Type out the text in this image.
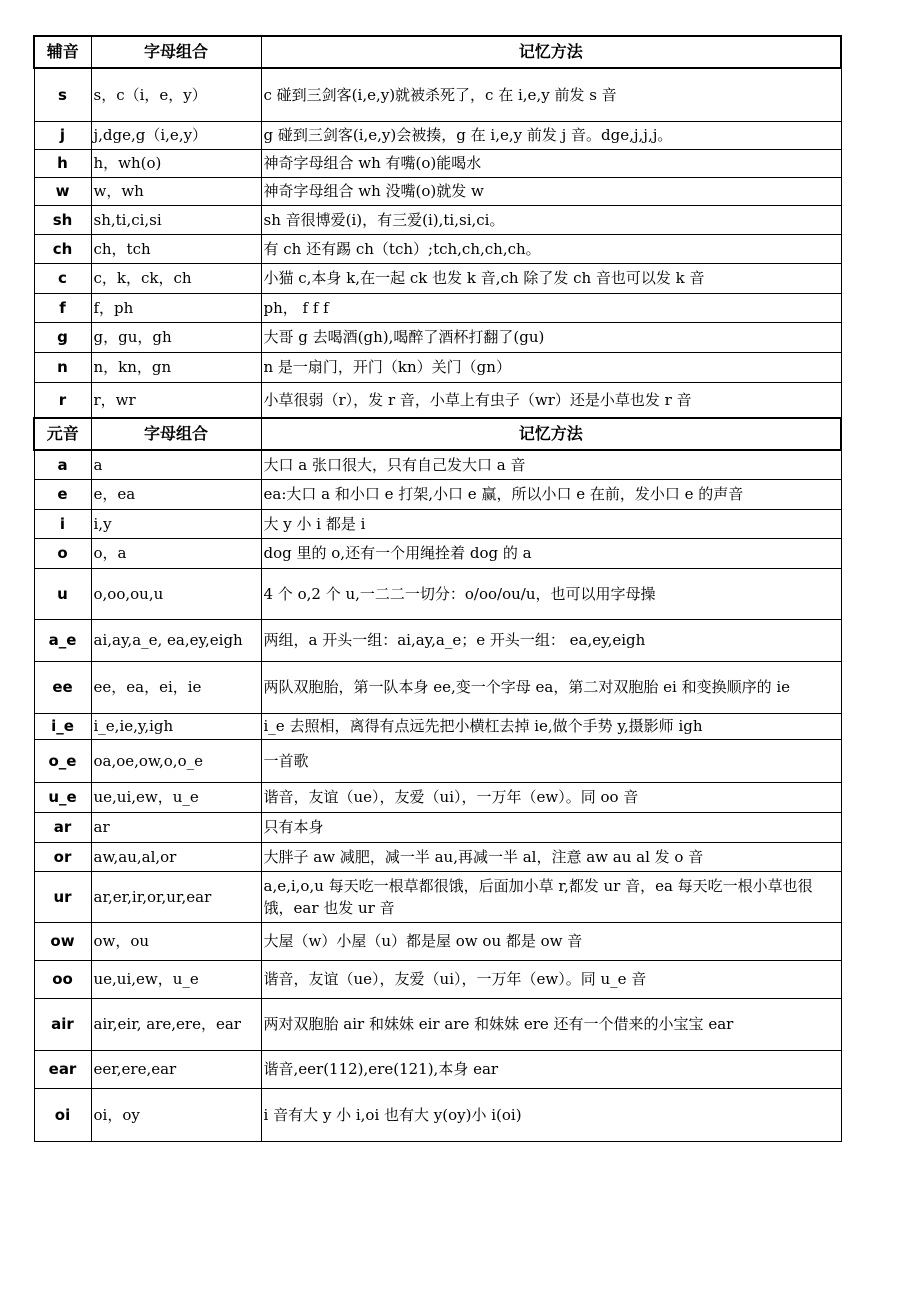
辅音	字母组合	记忆方法
s	s，c（i，e，y）	c 碰到三剑客(i,e,y)就被杀死了，c 在 i,e,y 前发 s 音
j	j,dge,g（i,e,y）	g 碰到三剑客(i,e,y)会被揍，g 在 i,e,y 前发 j 音。dge,j,j,j。
h	h，wh(o)	神奇字母组合 wh 有嘴(o)能喝水
w	w，wh	神奇字母组合 wh 没嘴(o)就发 w
sh	sh,ti,ci,si	sh 音很博爱(i)，有三爱(i),ti,si,ci。
ch	ch，tch	有 ch 还有踢 ch（tch）;tch,ch,ch,ch。
c	c，k，ck，ch	小猫 c,本身 k,在一起 ck 也发 k 音,ch 除了发 ch 音也可以发 k 音
f	f，ph	ph， f f f
g	g，gu，gh	大哥 g 去喝酒(gh),喝醉了酒杯打翻了(gu)
n	n，kn，gn	n 是一扇门，开门（kn）关门（gn）
r	r，wr	小草很弱（r），发 r 音，小草上有虫子（wr）还是小草也发 r 音
元音	字母组合	记忆方法
a	a	大口 a 张口很大，只有自己发大口 a 音
e	e，ea	ea:大口 a 和小口 e 打架,小口 e 赢，所以小口 e 在前，发小口 e 的声音
i	i,y	大 y 小 i 都是 i
o	o，a	dog 里的 o,还有一个用绳拴着 dog 的 a
u	o,oo,ou,u	4 个 o,2 个 u,一二二一切分：o/oo/ou/u，也可以用字母操
a_e	ai,ay,a_e, ea,ey,eigh	两组，a 开头一组：ai,ay,a_e；e 开头一组： ea,ey,eigh
ee	ee，ea，ei，ie	两队双胞胎，第一队本身 ee,变一个字母 ea，第二对双胞胎 ei 和变换顺序的 ie
i_e	i_e,ie,y,igh	i_e 去照相，离得有点远先把小横杠去掉 ie,做个手势 y,摄影师 igh
o_e	oa,oe,ow,o,o_e	一首歌
u_e	ue,ui,ew，u_e	谐音，友谊（ue），友爱（ui），一万年（ew）。同 oo 音
ar	ar	只有本身
or	aw,au,al,or	大胖子 aw 减肥，减一半 au,再减一半 al，注意 aw au al 发 o 音
ur	ar,er,ir,or,ur,ear	a,e,i,o,u 每天吃一根草都很饿，后面加小草 r,都发 ur 音，ea 每天吃一根小草也很饿，ear 也发 ur 音
ow	ow，ou	大屋（w）小屋（u）都是屋 ow ou 都是 ow 音
oo	ue,ui,ew，u_e	谐音，友谊（ue），友爱（ui），一万年（ew）。同 u_e 音
air	air,eir, are,ere，ear	两对双胞胎 air 和妹妹 eir are 和妹妹 ere 还有一个借来的小宝宝 ear
ear	eer,ere,ear	谐音,eer(112),ere(121),本身 ear
oi	oi，oy	i 音有大 y 小 i,oi 也有大 y(oy)小 i(oi)
